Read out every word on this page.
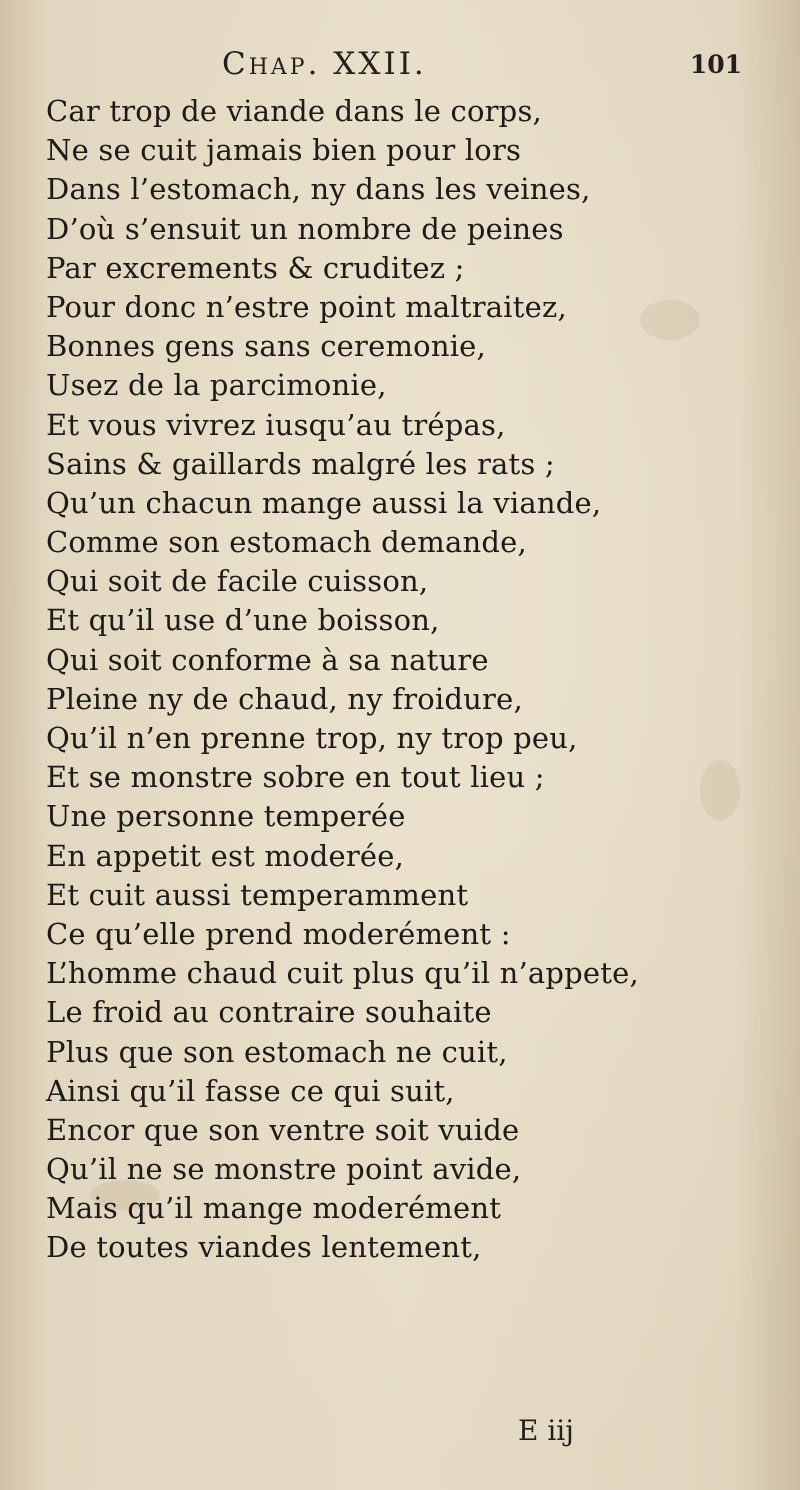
Chap. XXII.	101
Car trop de viande dans le corps,
Ne se cuit jamais bien pour lors
Dans l’estomach, ny dans les veines,
D’où s’ensuit un nombre de peines
Par excrements & cruditez ;
Pour donc n’estre point maltraitez,
Bonnes gens sans ceremonie,
Usez de la parcimonie,
Et vous vivrez iusqu’au trépas,
Sains & gaillards malgré les rats ;
Qu’un chacun mange aussi la viande,
Comme son estomach demande,
Qui soit de facile cuisson,
Et qu’il use d’une boisson,
Qui soit conforme à sa nature
Pleine ny de chaud, ny froidure,
Qu’il n’en prenne trop, ny trop peu,
Et se monstre sobre en tout lieu ;
Une personne temperée
En appetit est moderée,
Et cuit aussi temperamment
Ce qu’elle prend moderément :
L’homme chaud cuit plus qu’il n’appete,
Le froid au contraire souhaite
Plus que son estomach ne cuit,
Ainsi qu’il fasse ce qui suit,
Encor que son ventre soit vuide
Qu’il ne se monstre point avide,
Mais qu’il mange moderément
De toutes viandes lentement,
E iij
